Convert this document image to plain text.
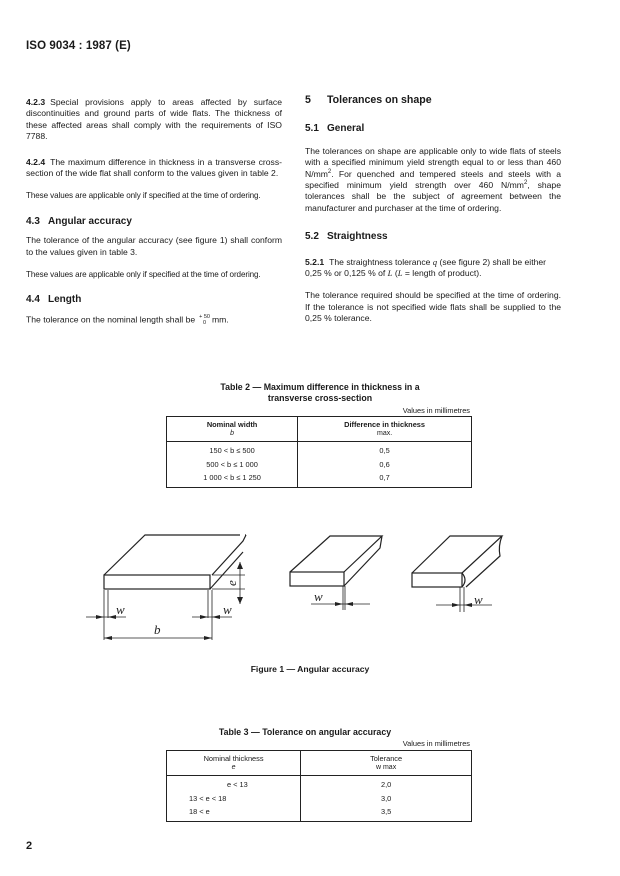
ISO 9034 : 1987 (E)

4.2.3 Special provisions apply to areas affected by surface discontinuities and ground parts of wide flats. The thickness of these affected areas shall comply with the requirements of ISO 7788.

4.2.4 The maximum difference in thickness in a transverse cross-section of the wide flat shall conform to the values given in table 2.

These values are applicable only if specified at the time of ordering.

4.3 Angular accuracy

The tolerance of the angular accuracy (see figure 1) shall conform to the values given in table 3.

These values are applicable only if specified at the time of ordering.

4.4 Length

The tolerance on the nominal length shall be + 50
0 mm.

5 Tolerances on shape
5.1 General

The tolerances on shape are applicable only to wide flats of steels with a specified minimum yield strength equal to or less than 460 $N/mm^2$. For quenched and tempered steels and steels with a specified minimum yield strength over 460 $N/mm^2$, shape tolerances shall be the subject of agreement between the manufacturer and purchaser at the time of ordering.

5.2 Straightness

5.2.1 The straightness tolerance q (see figure 2) shall be either 0,25 % or 0,125 % of L (L = length of product).

The tolerance required should be specified at the time of ordering. If the tolerance is not specified wide flats shall be supplied to the 0,25 % tolerance.

Table 2 — Maximum difference in thickness in a
transverse cross-section
Values in millimetres
Nominal width
b	Difference in thickness
max.

150 < b ≤ 500	0,5
500 < b ≤ 1 000	0,6
1 000 < b ≤ 1 250	0,7
w	w
b
e
w	w
Figure 1 — Angular accuracy
Table 3 — Tolerance on angular accuracy
Values in millimetres
Nominal thickness
e	Tolerance
w max

e < 13	2,0
13 < e < 18	3,0
18 < e	3,5
2
